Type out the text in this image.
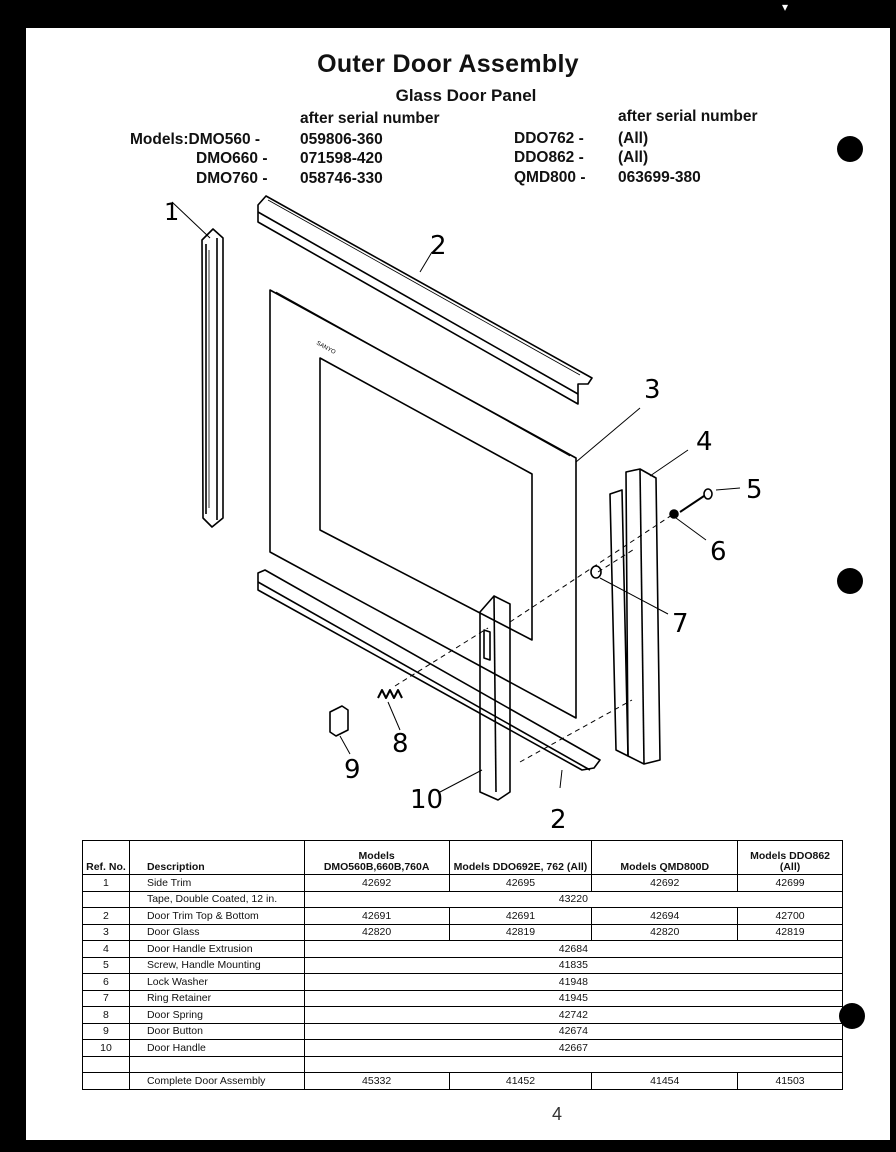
▾
Outer Door Assembly
Glass Door Panel
after serial number	after serial number
Models:DMO560 -	059806-360
DMO660 - 071598-420
DMO760 - 058746-330
DDO762 - (All)
DDO862 - (All)
QMD800 - 063699-380
SANYO
1
2
3
4
5
6
7
8
9
10
2
Ref. No.	Description	Models DMO560B,660B,760A	Models DDO692E, 762 (All)	Models QMD800D	Models DDO862 (All)
1	Side Trim	42692	42695	42692	42699
	Tape, Double Coated, 12 in.	43220			
2	Door Trim Top & Bottom	42691	42691	42694	42700
3	Door Glass	42820	42819	42820	42819
4	Door Handle Extrusion	42684			
5	Screw, Handle Mounting	41835			
6	Lock Washer	41948			
7	Ring Retainer	41945			
8	Door Spring	42742			
9	Door Button	42674			
10	Door Handle	42667			

	Complete Door Assembly	45332	41452	41454	41503
4
